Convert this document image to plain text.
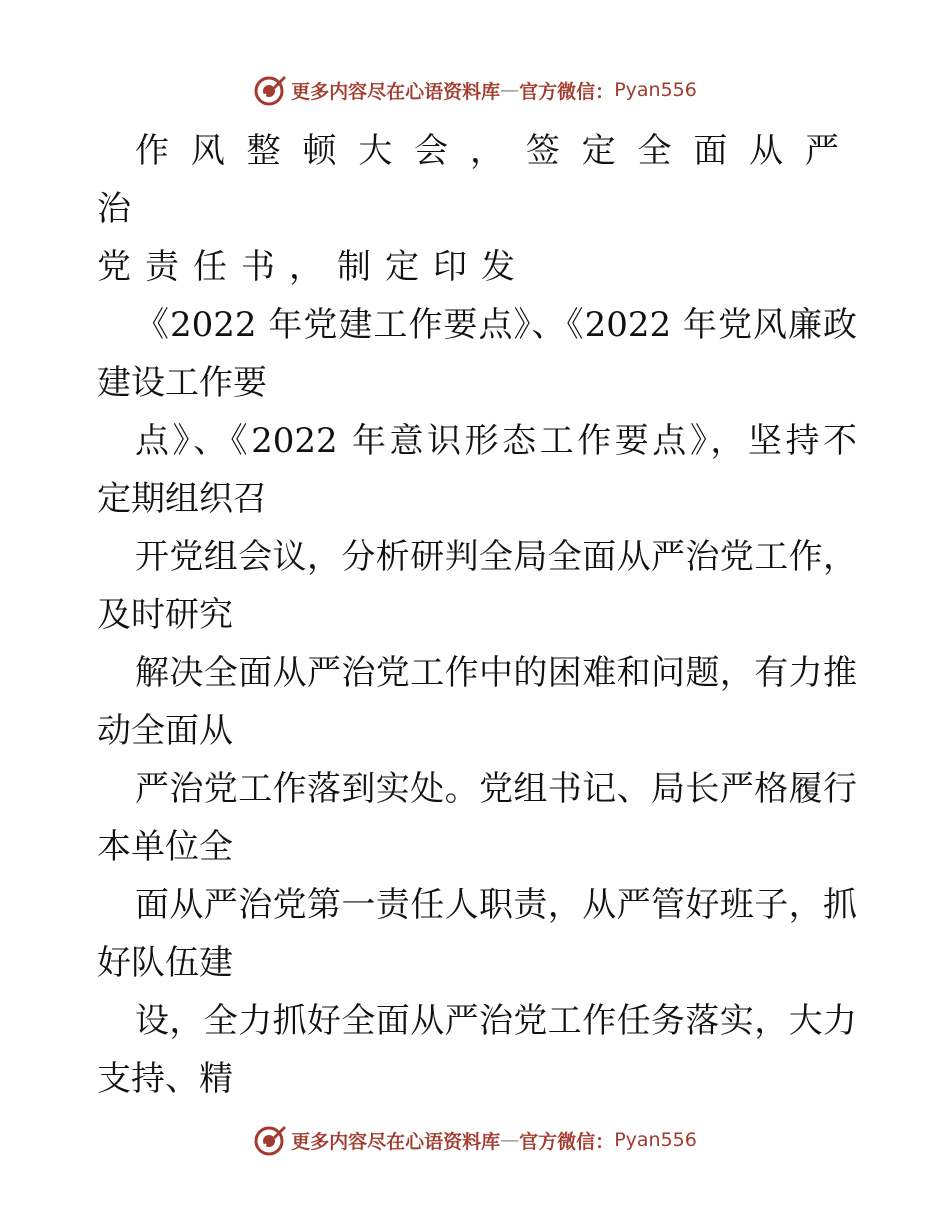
更多内容尽在心语资料库 — 官方微信： Pyan556

作风整顿大会，签定全面从严治
党责任书，制定印发

《2022 年党建工作要点》、《2022 年党风廉政
建设工作要

点》、《2022 年意识形态工作要点》，坚持不
定期组织召

开党组会议，分析研判全局全面从严治党工作，
及时研究

解决全面从严治党工作中的困难和问题，有力推
动全面从

严治党工作落到实处。党组书记、局长严格履行
本单位全

面从严治党第一责任人职责，从严管好班子，抓
好队伍建

设，全力抓好全面从严治党工作任务落实，大力
支持、精

更多内容尽在心语资料库 — 官方微信： Pyan556
